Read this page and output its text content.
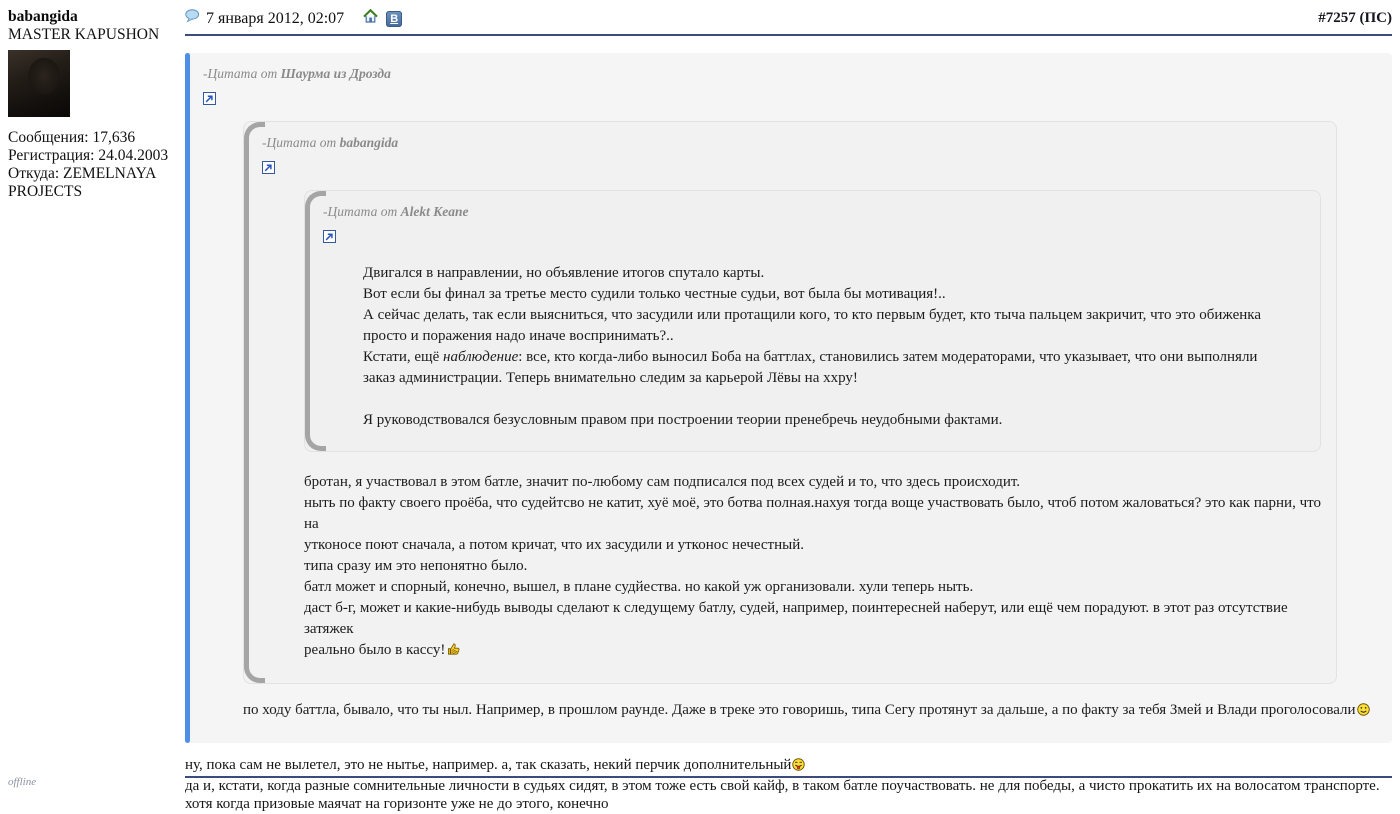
babangida
MASTER KAPUSHON
Сообщения: 17,636
Регистрация: 24.04.2003
Откуда: ZEMELNAYA PROJECTS
offline
7 января 2012, 02:07	B	#7257 (ПС)
-Цитата от Шаурма из Дрозда
-Цитата от babangida
-Цитата от Alekt Keane
Двигался в направлении, но объявление итогов спутало карты.
Вот если бы финал за третье место судили только честные судьи, вот была бы мотивация!..
А сейчас делать, так если выясниться, что засудили или протащили кого, то кто первым будет, кто тыча пальцем закричит, что это обиженка
просто и поражения надо иначе воспринимать?..
Кстати, ещё наблюдение: все, кто когда-либо выносил Боба на баттлах, становились затем модераторами, что указывает, что они выполняли
заказ администрации. Теперь внимательно следим за карьерой Лёвы на ххру!
Я руководствовался безусловным правом при построении теории пренебречь неудобными фактами.
бротан, я участвовал в этом батле, значит по-любому сам подписался под всех судей и то, что здесь происходит.
ныть по факту своего проёба, что судейтсво не катит, хуё моё, это ботва полная.нахуя тогда воще участвовать было, чтоб потом жаловаться? это как парни, что на
утконосе поют сначала, а потом кричат, что их засудили и утконос нечестный.
типа сразу им это непонятно было.
батл может и спорный, конечно, вышел, в плане судйества. но какой уж организовали. хули теперь ныть.
даст б-г, может и какие-нибудь выводы сделают к следущему батлу, судей, например, поинтересней наберут, или ещё чем порадуют. в этот раз отсутствие затяжек
реально было в кассу!
по ходу баттла, бывало, что ты ныл. Например, в прошлом раунде. Даже в треке это говоришь, типа Сегу протянут за дальше, а по факту за тебя Змей и Влади проголосовали
ну, пока сам не вылетел, это не нытье, например. а, так сказать, некий перчик дополнительный
да и, кстати, когда разные сомнительные личности в судьях сидят, в этом тоже есть свой кайф, в таком батле поучаствовать. не для победы, а чисто прокатить их на волосатом транспорте. хотя когда призовые маячат на горизонте уже не до этого, конечно
